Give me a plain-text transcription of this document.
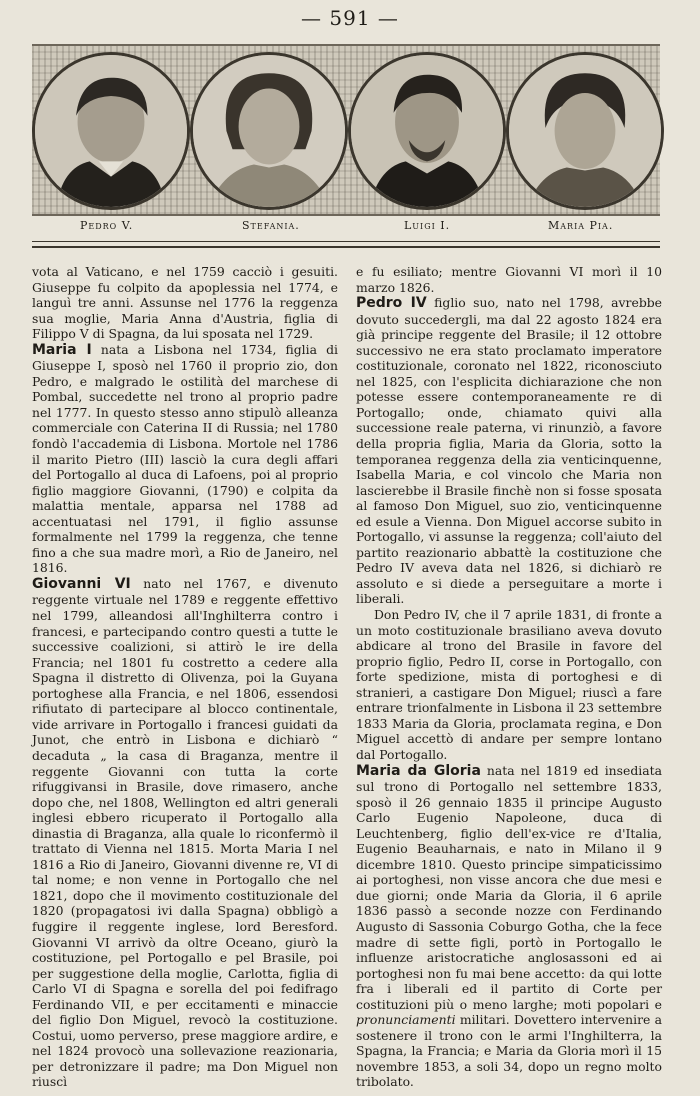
— 591 —
Pedro V.	Stefania.	Luigi I.	Maria Pia.

vota al Vaticano, e nel 1759 cacciò i gesuiti. Giuseppe fu colpito da apoplessia nel 1774, e languì tre anni. Assunse nel 1776 la reggenza sua moglie, Maria Anna d'Austria, figlia di Filippo V di Spagna, da lui sposata nel 1729.

Maria I nata a Lisbona nel 1734, figlia di Giuseppe I, sposò nel 1760 il proprio zio, don Pedro, e malgrado le ostilità del marchese di Pombal, succedette nel trono al proprio padre nel 1777. In questo stesso anno stipulò alleanza commerciale con Caterina II di Russia; nel 1780 fondò l'accademia di Lisbona. Mortole nel 1786 il marito Pietro (III) lasciò la cura degli affari del Portogallo al duca di Lafoens, poi al proprio figlio maggiore Giovanni, (1790) e colpita da malattia mentale, apparsa nel 1788 ad accentuatasi nel 1791, il figlio assunse formalmente nel 1799 la reggenza, che tenne fino a che sua madre morì, a Rio de Janeiro, nel 1816.

Giovanni VI nato nel 1767, e divenuto reggente virtuale nel 1789 e reggente effettivo nel 1799, alleandosi all'Inghilterra contro i francesi, e partecipando contro questi a tutte le successive coalizioni, si attirò le ire della Francia; nel 1801 fu costretto a cedere alla Spagna il distretto di Olivenza, poi la Guyana portoghese alla Francia, e nel 1806, essendosi rifiutato di partecipare al blocco continentale, vide arrivare in Portogallo i francesi guidati da Junot, che entrò in Lisbona e dichiarò “ decaduta „ la casa di Braganza, mentre il reggente Giovanni con tutta la corte rifuggivansi in Brasile, dove rimasero, anche dopo che, nel 1808, Wellington ed altri generali inglesi ebbero ricuperato il Portogallo alla dinastia di Braganza, alla quale lo riconfermò il trattato di Vienna nel 1815. Morta Maria I nel 1816 a Rio di Janeiro, Giovanni divenne re, VI di tal nome; e non venne in Portogallo che nel 1821, dopo che il movimento costituzionale del 1820 (propagatosi ivi dalla Spagna) obbligò a fuggire il reggente inglese, lord Beresford. Giovanni VI arrivò da oltre Oceano, giurò la costituzione, pel Portogallo e pel Brasile, poi per suggestione della moglie, Carlotta, figlia di Carlo VI di Spagna e sorella del poi fedifrago Ferdinando VII, e per eccitamenti e minaccie del figlio Don Miguel, revocò la costituzione. Costui, uomo perverso, prese maggiore ardire, e nel 1824 provocò una sollevazione reazionaria, per detronizzare il padre; ma Don Miguel non riuscì

e fu esiliato; mentre Giovanni VI morì il 10 marzo 1826.

Pedro IV figlio suo, nato nel 1798, avrebbe dovuto succedergli, ma dal 22 agosto 1824 era già principe reggente del Brasile; il 12 ottobre successivo ne era stato proclamato imperatore costituzionale, coronato nel 1822, riconosciuto nel 1825, con l'esplicita dichiarazione che non potesse essere contemporaneamente re di Portogallo; onde, chiamato quivi alla successione reale paterna, vi rinunziò, a favore della propria figlia, Maria da Gloria, sotto la temporanea reggenza della zia venticinquenne, Isabella Maria, e col vincolo che Maria non lascierebbe il Brasile finchè non si fosse sposata al famoso Don Miguel, suo zio, venticinquenne ed esule a Vienna. Don Miguel accorse subito in Portogallo, vi assunse la reggenza; coll'aiuto del partito reazionario abbattè la costituzione che Pedro IV aveva data nel 1826, si dichiarò re assoluto e si diede a perseguitare a morte i liberali.

Don Pedro IV, che il 7 aprile 1831, di fronte a un moto costituzionale brasiliano aveva dovuto abdicare al trono del Brasile in favore del proprio figlio, Pedro II, corse in Portogallo, con forte spedizione, mista di portoghesi e di stranieri, a castigare Don Miguel; riuscì a fare entrare trionfalmente in Lisbona il 23 settembre 1833 Maria da Gloria, proclamata regina, e Don Miguel accettò di andare per sempre lontano dal Portogallo.

Maria da Gloria nata nel 1819 ed insediata sul trono di Portogallo nel settembre 1833, sposò il 26 gennaio 1835 il principe Augusto Carlo Eugenio Napoleone, duca di Leuchtenberg, figlio dell'ex-vice re d'Italia, Eugenio Beauharnais, e nato in Milano il 9 dicembre 1810. Questo principe simpaticissimo ai portoghesi, non visse ancora che due mesi e due giorni; onde Maria da Gloria, il 6 aprile 1836 passò a seconde nozze con Ferdinando Augusto di Sassonia Coburgo Gotha, che la fece madre di sette figli, portò in Portogallo le influenze aristocratiche anglosassoni ed ai portoghesi non fu mai bene accetto: da qui lotte fra i liberali ed il partito di Corte per costituzioni più o meno larghe; moti popolari e pronunciamenti militari. Dovettero intervenire a sostenere il trono con le armi l'Inghilterra, la Spagna, la Francia; e Maria da Gloria morì il 15 novembre 1853, a soli 34, dopo un regno molto tribolato.
